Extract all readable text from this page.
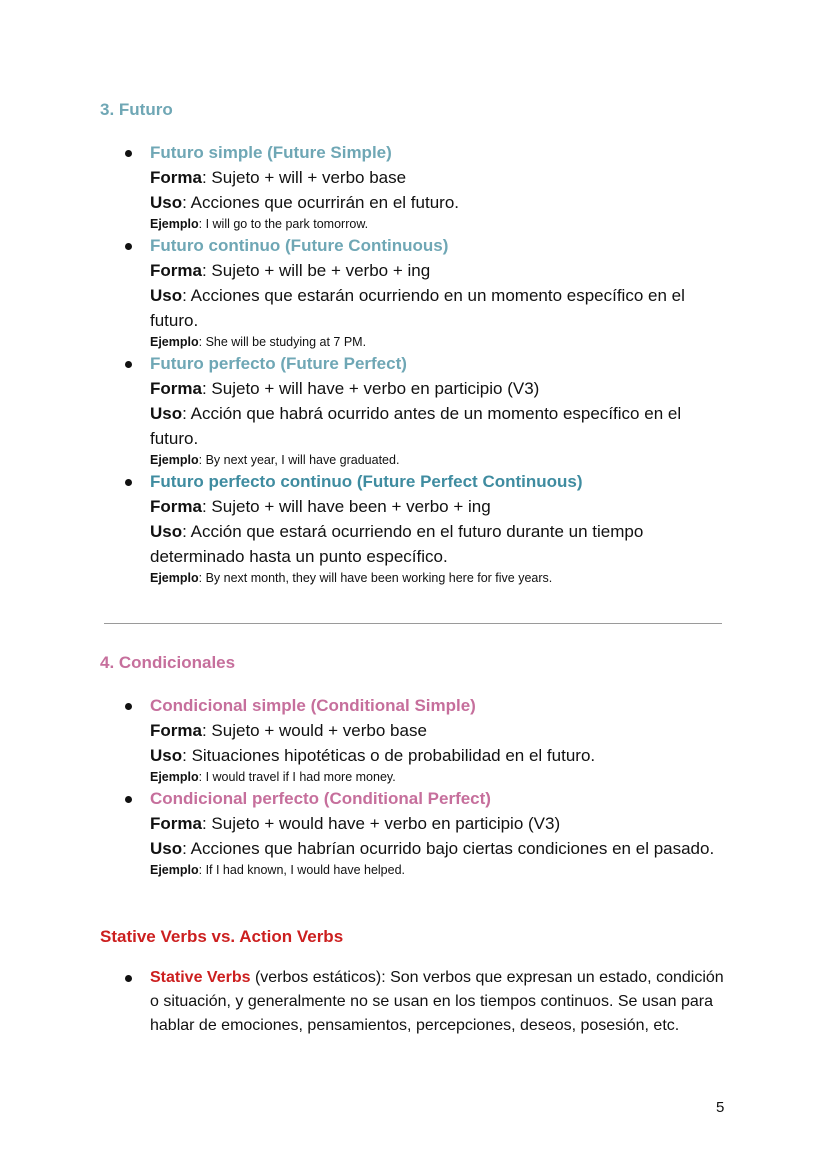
3. Futuro
Futuro simple (Future Simple)
Forma: Sujeto + will + verbo base
Uso: Acciones que ocurrirán en el futuro.
Ejemplo: I will go to the park tomorrow.
Futuro continuo (Future Continuous)
Forma: Sujeto + will be + verbo + ing
Uso: Acciones que estarán ocurriendo en un momento específico en el futuro.
Ejemplo: She will be studying at 7 PM.
Futuro perfecto (Future Perfect)
Forma: Sujeto + will have + verbo en participio (V3)
Uso: Acción que habrá ocurrido antes de un momento específico en el futuro.
Ejemplo: By next year, I will have graduated.
Futuro perfecto continuo (Future Perfect Continuous)
Forma: Sujeto + will have been + verbo + ing
Uso: Acción que estará ocurriendo en el futuro durante un tiempo determinado hasta un punto específico.
Ejemplo: By next month, they will have been working here for five years.
4. Condicionales
Condicional simple (Conditional Simple)
Forma: Sujeto + would + verbo base
Uso: Situaciones hipotéticas o de probabilidad en el futuro.
Ejemplo: I would travel if I had more money.
Condicional perfecto (Conditional Perfect)
Forma: Sujeto + would have + verbo en participio (V3)
Uso: Acciones que habrían ocurrido bajo ciertas condiciones en el pasado.
Ejemplo: If I had known, I would have helped.
Stative Verbs vs. Action Verbs
Stative Verbs (verbos estáticos): Son verbos que expresan un estado, condición o situación, y generalmente no se usan en los tiempos continuos. Se usan para hablar de emociones, pensamientos, percepciones, deseos, posesión, etc.
5
